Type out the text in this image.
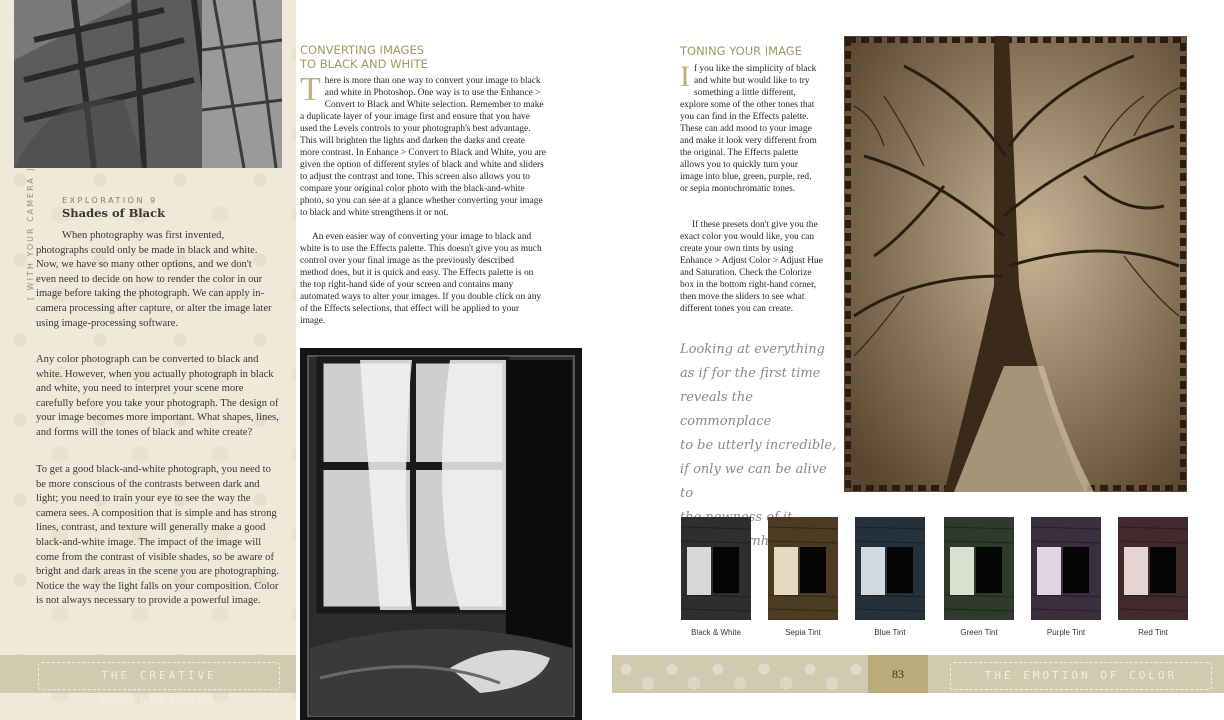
[ WITH YOUR CAMERA ]	EXPLORATION 9
Shades of Black
When photography was first invented, photographs could only be made in black and white. Now, we have so many other options, and we don't even need to decide on how to render the color in our image before taking the photograph. We can apply in-camera processing after capture, or alter the image later using image-processing software.
Any color photograph can be converted to black and white. However, when you actually photograph in black and white, you need to interpret your scene more carefully before you take your photograph. The design of your image becomes more important. What shapes, lines, and forms will the tones of black and white create?
To get a good black-and-white photograph, you need to be more conscious of the contrasts between dark and light; you need to train your eye to see the way the camera sees. A composition that is simple and has strong lines, contrast, and texture will generally make a good black-and-white image. The impact of the image will come from the contrast of visible shades, so be aware of bright and dark areas in the scene you are photographing. Notice the way the light falls on your composition. Color is not always necessary to provide a powerful image.
THE CREATIVE PHOTOGRAPHER
CONVERTING IMAGES
TO BLACK AND WHITE
There is more than one way to convert your image to black and white in Photoshop. One way is to use the Enhance > Convert to Black and White selection. Remember to make a duplicate layer of your image first and ensure that you have used the Levels controls to your photograph's best advantage. This will brighten the lights and darken the darks and create more contrast. In Enhance > Convert to Black and White, you are given the option of different styles of black and white and sliders to adjust the contrast and tone. This screen also allows you to compare your original color photo with the black-and-white photo, so you can see at a glance whether converting your image to black and white strengthens it or not.
An even easier way of converting your image to black and white is to use the Effects palette. This doesn't give you as much control over your final image as the previously described method does, but it is quick and easy. The Effects palette is on the top right-hand side of your screen and contains many automated ways to alter your images. If you double click on any of the Effects selections, that effect will be applied to your image.
TONING YOUR IMAGE
If you like the simplicity of black and white but would like to try something a little different, explore some of the other tones that you can find in the Effects palette. These can add mood to your image and make it look very different from the original. The Effects palette allows you to quickly turn your image into blue, green, purple, red, or sepia monochromatic tones.
If these presets don't give you the exact color you would like, you can create your own tints by using Enhance > Adjust Color > Adjust Hue and Saturation. Check the Colorize box in the bottom right-hand corner, then move the sliders to see what different tones you can create.
Looking at everything
as if for the first time
reveals the commonplace
to be utterly incredible,
if only we can be alive to
Bernhard
Black & White	Sepia Tint	Blue Tint	Green Tint	Purple Tint	Red Tint
83	THE EMOTION OF COLOR
